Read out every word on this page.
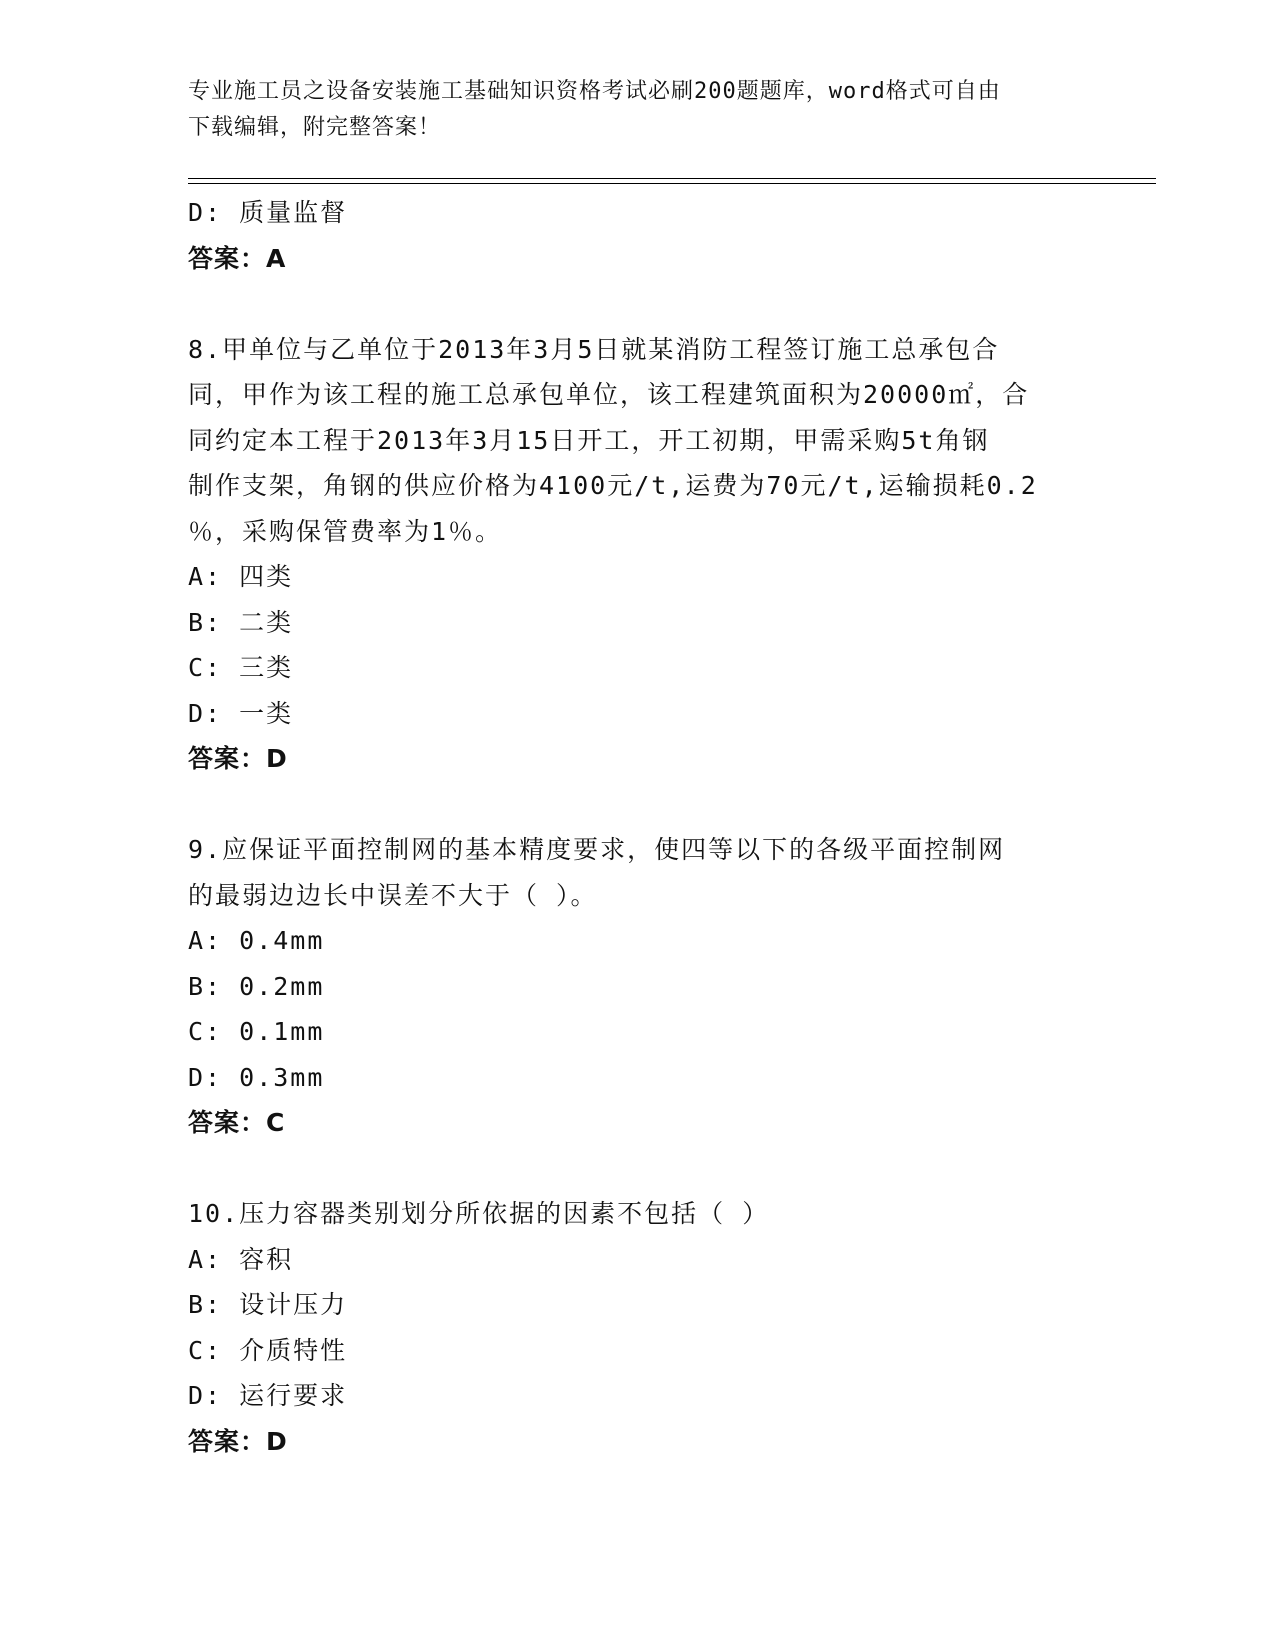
专业施工员之设备安装施工基础知识资格考试必刷200题题库，word格式可自由
下载编辑，附完整答案！
D: 质量监督
答案：A
8.甲单位与乙单位于2013年3月5日就某消防工程签订施工总承包合
同，甲作为该工程的施工总承包单位，该工程建筑面积为20000㎡，合
同约定本工程于2013年3月15日开工，开工初期，甲需采购5t角钢
制作支架，角钢的供应价格为4100元/t,运费为70元/t,运输损耗0.2
％，采购保管费率为1％。
A: 四类
B: 二类
C: 三类
D: 一类
答案：D
9.应保证平面控制网的基本精度要求，使四等以下的各级平面控制网
的最弱边边长中误差不大于（ ）。
A: 0.4mm
B: 0.2mm
C: 0.1mm
D: 0.3mm
答案：C
10.压力容器类别划分所依据的因素不包括（ ）
A: 容积
B: 设计压力
C: 介质特性
D: 运行要求
答案：D
